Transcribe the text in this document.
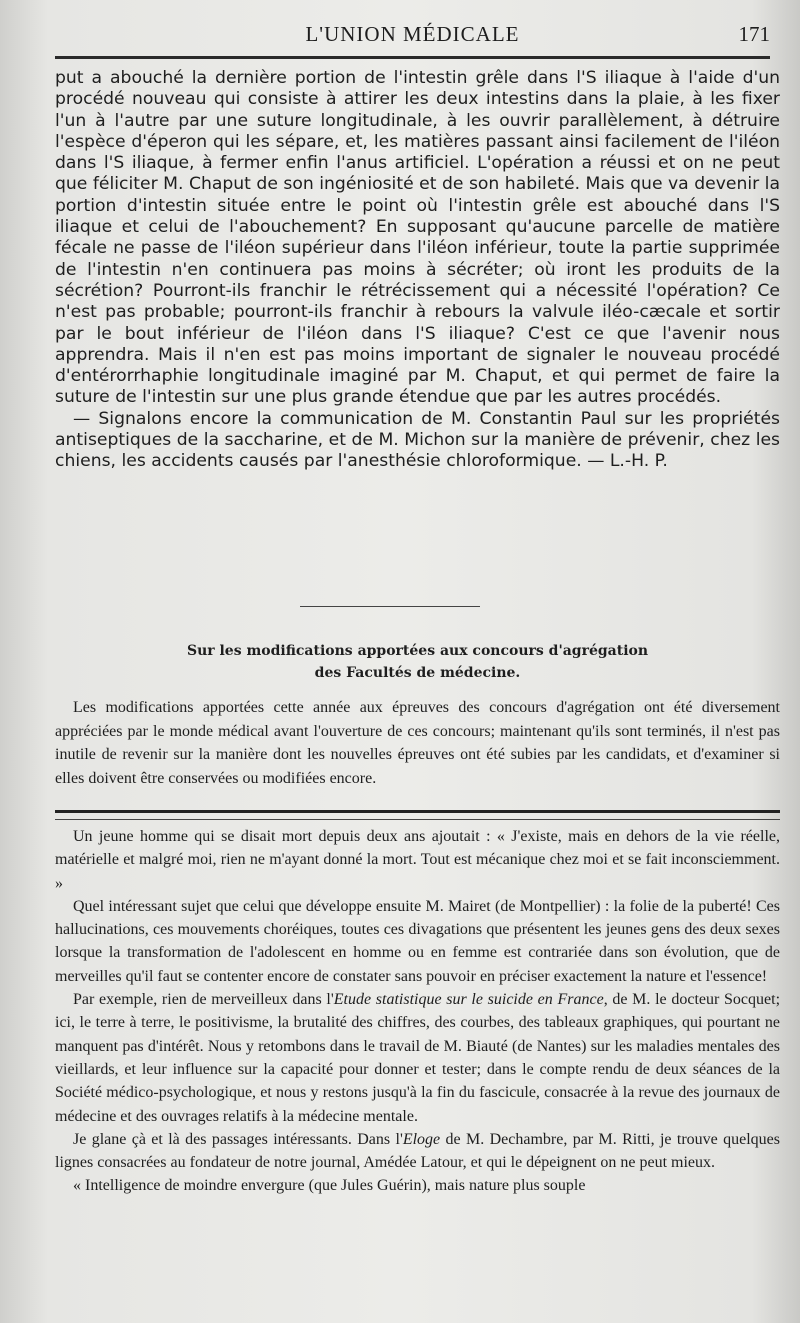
L'UNION MÉDICALE	171

put a abouché la dernière portion de l'intestin grêle dans l'S iliaque à l'aide d'un procédé nouveau qui consiste à attirer les deux intestins dans la plaie, à les fixer l'un à l'autre par une suture longitudinale, à les ouvrir parallèlement, à détruire l'espèce d'éperon qui les sépare, et, les matières passant ainsi facilement de l'iléon dans l'S iliaque, à fermer enfin l'anus artificiel. L'opération a réussi et on ne peut que féliciter M. Chaput de son ingéniosité et de son habileté. Mais que va devenir la portion d'intestin située entre le point où l'intestin grêle est abouché dans l'S iliaque et celui de l'abouchement? En supposant qu'aucune parcelle de matière fécale ne passe de l'iléon supérieur dans l'iléon inférieur, toute la partie supprimée de l'intestin n'en continuera pas moins à sécréter; où iront les produits de la sécrétion? Pourront-ils franchir le rétrécissement qui a nécessité l'opération? Ce n'est pas probable; pourront-ils franchir à rebours la valvule iléo-cæcale et sortir par le bout inférieur de l'iléon dans l'S iliaque? C'est ce que l'avenir nous apprendra. Mais il n'en est pas moins important de signaler le nouveau procédé d'entérorrhaphie longitudinale imaginé par M. Chaput, et qui permet de faire la suture de l'intestin sur une plus grande étendue que par les autres procédés.

— Signalons encore la communication de M. Constantin Paul sur les propriétés antiseptiques de la saccharine, et de M. Michon sur la manière de prévenir, chez les chiens, les accidents causés par l'anesthésie chloroformique. — L.-H. P.

Sur les modifications apportées aux concours d'agrégation
des Facultés de médecine.

Les modifications apportées cette année aux épreuves des concours d'agrégation ont été diversement appréciées par le monde médical avant l'ouverture de ces concours; maintenant qu'ils sont terminés, il n'est pas inutile de revenir sur la manière dont les nouvelles épreuves ont été subies par les candidats, et d'examiner si elles doivent être conservées ou modifiées encore.

Un jeune homme qui se disait mort depuis deux ans ajoutait : « J'existe, mais en dehors de la vie réelle, matérielle et malgré moi, rien ne m'ayant donné la mort. Tout est mécanique chez moi et se fait inconsciemment. »

Quel intéressant sujet que celui que développe ensuite M. Mairet (de Montpellier) : la folie de la puberté! Ces hallucinations, ces mouvements choréiques, toutes ces divagations que présentent les jeunes gens des deux sexes lorsque la transformation de l'adolescent en homme ou en femme est contrariée dans son évolution, que de merveilles qu'il faut se contenter encore de constater sans pouvoir en préciser exactement la nature et l'essence!

Par exemple, rien de merveilleux dans l'Etude statistique sur le suicide en France, de M. le docteur Socquet; ici, le terre à terre, le positivisme, la brutalité des chiffres, des courbes, des tableaux graphiques, qui pourtant ne manquent pas d'intérêt. Nous y retombons dans le travail de M. Biauté (de Nantes) sur les maladies mentales des vieillards, et leur influence sur la capacité pour donner et tester; dans le compte rendu de deux séances de la Société médico-psychologique, et nous y restons jusqu'à la fin du fascicule, consacrée à la revue des journaux de médecine et des ouvrages relatifs à la médecine mentale.

Je glane çà et là des passages intéressants. Dans l'Eloge de M. Dechambre, par M. Ritti, je trouve quelques lignes consacrées au fondateur de notre journal, Amédée Latour, et qui le dépeignent on ne peut mieux.

« Intelligence de moindre envergure (que Jules Guérin), mais nature plus souple
